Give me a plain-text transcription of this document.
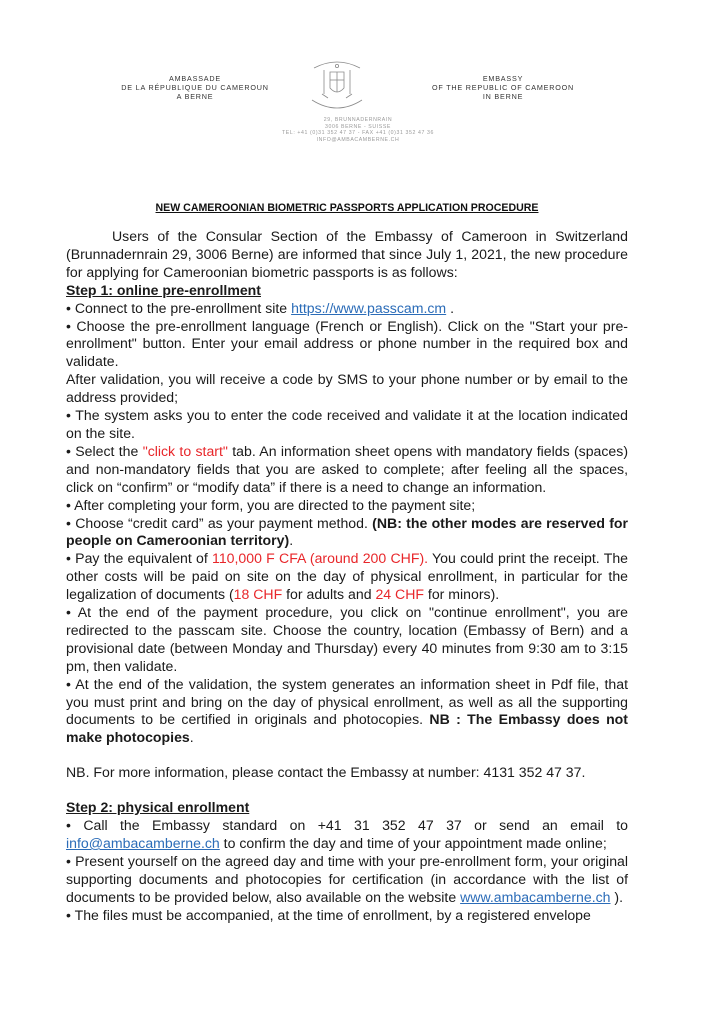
AMBASSADE
DE LA RÉPUBLIQUE DU CAMEROUN
A BERNE
EMBASSY
OF THE REPUBLIC OF CAMEROON
IN BERNE
29, BRUNNADERNRAIN
3006 BERNE - SUISSE
TEL: +41 (0)31 352 47 37 - FAX +41 (0)31 352 47 36
INFO@AMBACAMBERNE.CH
NEW CAMEROONIAN BIOMETRIC PASSPORTS APPLICATION PROCEDURE

Users of the Consular Section of the Embassy of Cameroon in Switzerland (Brunnadernrain 29, 3006 Berne) are informed that since July 1, 2021, the new procedure for applying for Cameroonian biometric passports is as follows:

Step 1: online pre-enrollment

• Connect to the pre-enrollment site https://www.passcam.cm .

• Choose the pre-enrollment language (French or English). Click on the "Start your pre-enrollment" button. Enter your email address or phone number in the required box and validate.

After validation, you will receive a code by SMS to your phone number or by email to the address provided;

• The system asks you to enter the code received and validate it at the location indicated on the site.

• Select the "click to start" tab. An information sheet opens with mandatory fields (spaces) and non-mandatory fields that you are asked to complete; after feeling all the spaces, click on “confirm” or “modify data” if there is a need to change an information.

• After completing your form, you are directed to the payment site;

• Choose “credit card” as your payment method. (NB: the other modes are reserved for people on Cameroonian territory).

• Pay the equivalent of 110,000 F CFA (around 200 CHF). You could print the receipt. The other costs will be paid on site on the day of physical enrollment, in particular for the legalization of documents (18 CHF for adults and 24 CHF for minors).

• At the end of the payment procedure, you click on "continue enrollment", you are redirected to the passcam site. Choose the country, location (Embassy of Bern) and a provisional date (between Monday and Thursday) every 40 minutes from 9:30 am to 3:15 pm, then validate.

• At the end of the validation, the system generates an information sheet in Pdf file, that you must print and bring on the day of physical enrollment, as well as all the supporting documents to be certified in originals and photocopies. NB : The Embassy does not make photocopies.

NB. For more information, please contact the Embassy at number: 4131 352 47 37.

Step 2: physical enrollment

• Call the Embassy standard on +41 31 352 47 37 or send an email to info@ambacamberne.ch to confirm the day and time of your appointment made online;

• Present yourself on the agreed day and time with your pre-enrollment form, your original supporting documents and photocopies for certification (in accordance with the list of documents to be provided below, also available on the website www.ambacamberne.ch ).

• The files must be accompanied, at the time of enrollment, by a registered envelope
